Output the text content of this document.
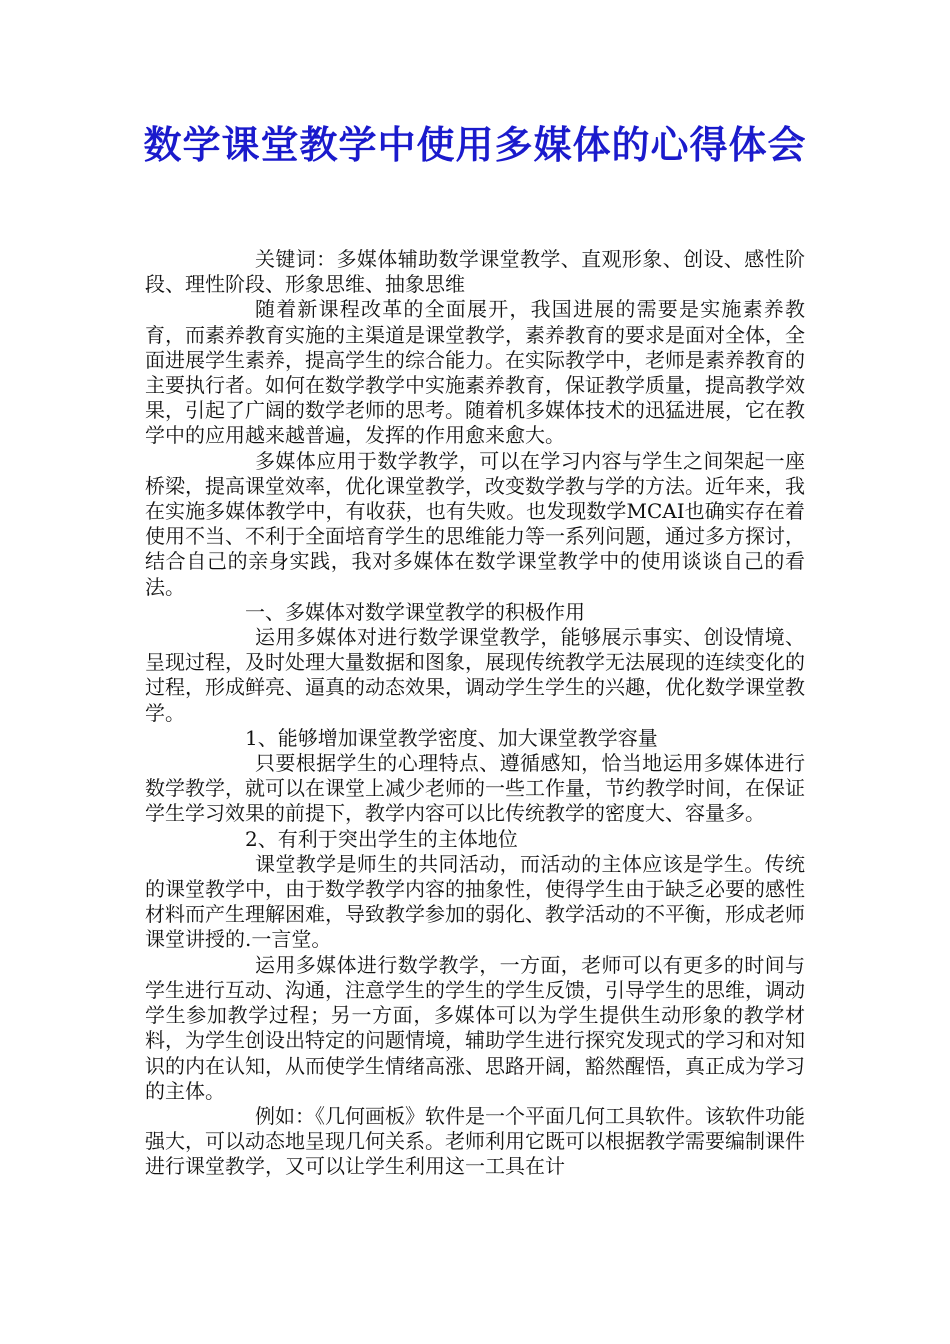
数学课堂教学中使用多媒体的心得体会

关键词：多媒体辅助数学课堂教学、直观形象、创设、感性阶段、理性阶段、形象思维、抽象思维

随着新课程改革的全面展开，我国进展的需要是实施素养教育，而素养教育实施的主渠道是课堂教学，素养教育的要求是面对全体，全面进展学生素养，提高学生的综合能力。在实际教学中，老师是素养教育的主要执行者。如何在数学教学中实施素养教育，保证教学质量，提高教学效果，引起了广阔的数学老师的思考。随着机多媒体技术的迅猛进展，它在教学中的应用越来越普遍，发挥的作用愈来愈大。

多媒体应用于数学教学，可以在学习内容与学生之间架起一座桥梁，提高课堂效率，优化课堂教学，改变数学教与学的方法。近年来，我在实施多媒体教学中，有收获，也有失败。也发现数学MCAI也确实存在着使用不当、不利于全面培育学生的思维能力等一系列问题，通过多方探讨，结合自己的亲身实践，我对多媒体在数学课堂教学中的使用谈谈自己的看法。

一、多媒体对数学课堂教学的积极作用

运用多媒体对进行数学课堂教学，能够展示事实、创设情境、呈现过程，及时处理大量数据和图象，展现传统教学无法展现的连续变化的过程，形成鲜亮、逼真的动态效果，调动学生学生的兴趣，优化数学课堂教学。

1、能够增加课堂教学密度、加大课堂教学容量

只要根据学生的心理特点、遵循感知，恰当地运用多媒体进行数学教学，就可以在课堂上减少老师的一些工作量，节约教学时间，在保证学生学习效果的前提下，教学内容可以比传统教学的密度大、容量多。

2、有利于突出学生的主体地位

课堂教学是师生的共同活动，而活动的主体应该是学生。传统的课堂教学中，由于数学教学内容的抽象性，使得学生由于缺乏必要的感性材料而产生理解困难，导致教学参加的弱化、教学活动的不平衡，形成老师课堂讲授的.一言堂。

运用多媒体进行数学教学，一方面，老师可以有更多的时间与学生进行互动、沟通，注意学生的学生的学生反馈，引导学生的思维，调动学生参加教学过程；另一方面，多媒体可以为学生提供生动形象的教学材料，为学生创设出特定的问题情境，辅助学生进行探究发现式的学习和对知识的内在认知，从而使学生情绪高涨、思路开阔，豁然醒悟，真正成为学习的主体。

例如：《几何画板》软件是一个平面几何工具软件。该软件功能强大，可以动态地呈现几何关系。老师利用它既可以根据教学需要编制课件进行课堂教学，又可以让学生利用这一工具在计
